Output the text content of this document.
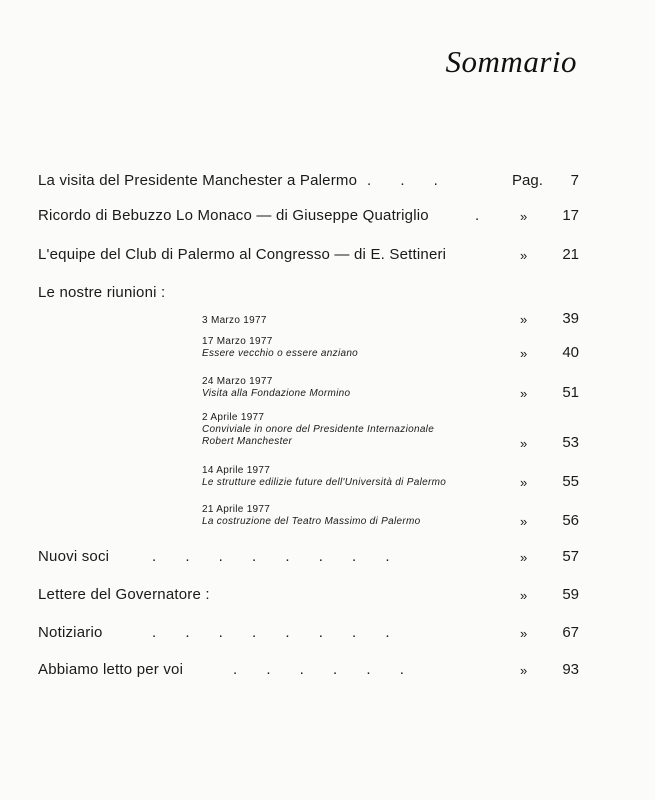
Sommario
La visita del Presidente Manchester a Palermo .       .       .	Pag. 7
Ricordo di Bebuzzo Lo Monaco — di Giuseppe Quatriglio	.	» 17
L'equipe del Club di Palermo al Congresso — di E. Settineri	» 21
Le nostre riunioni :
3 Marzo 1977	» 39
17 Marzo 1977
Essere vecchio o essere anziano	» 40
24 Marzo 1977
Visita alla Fondazione Mormino	» 51
2 Aprile 1977
Conviviale in onore del Presidente Internazionale
Robert Manchester	» 53
14 Aprile 1977
Le strutture edilizie future dell'Università di Palermo	» 55
21 Aprile 1977
La costruzione del Teatro Massimo di Palermo	» 56
Nuovi soci	.       .       .       .       .       .       .       .	» 57
Lettere del Governatore :	» 59
Notiziario	.       .       .       .       .       .       .       .	» 67
Abbiamo letto per voi	.       .       .       .       .       .	» 93
